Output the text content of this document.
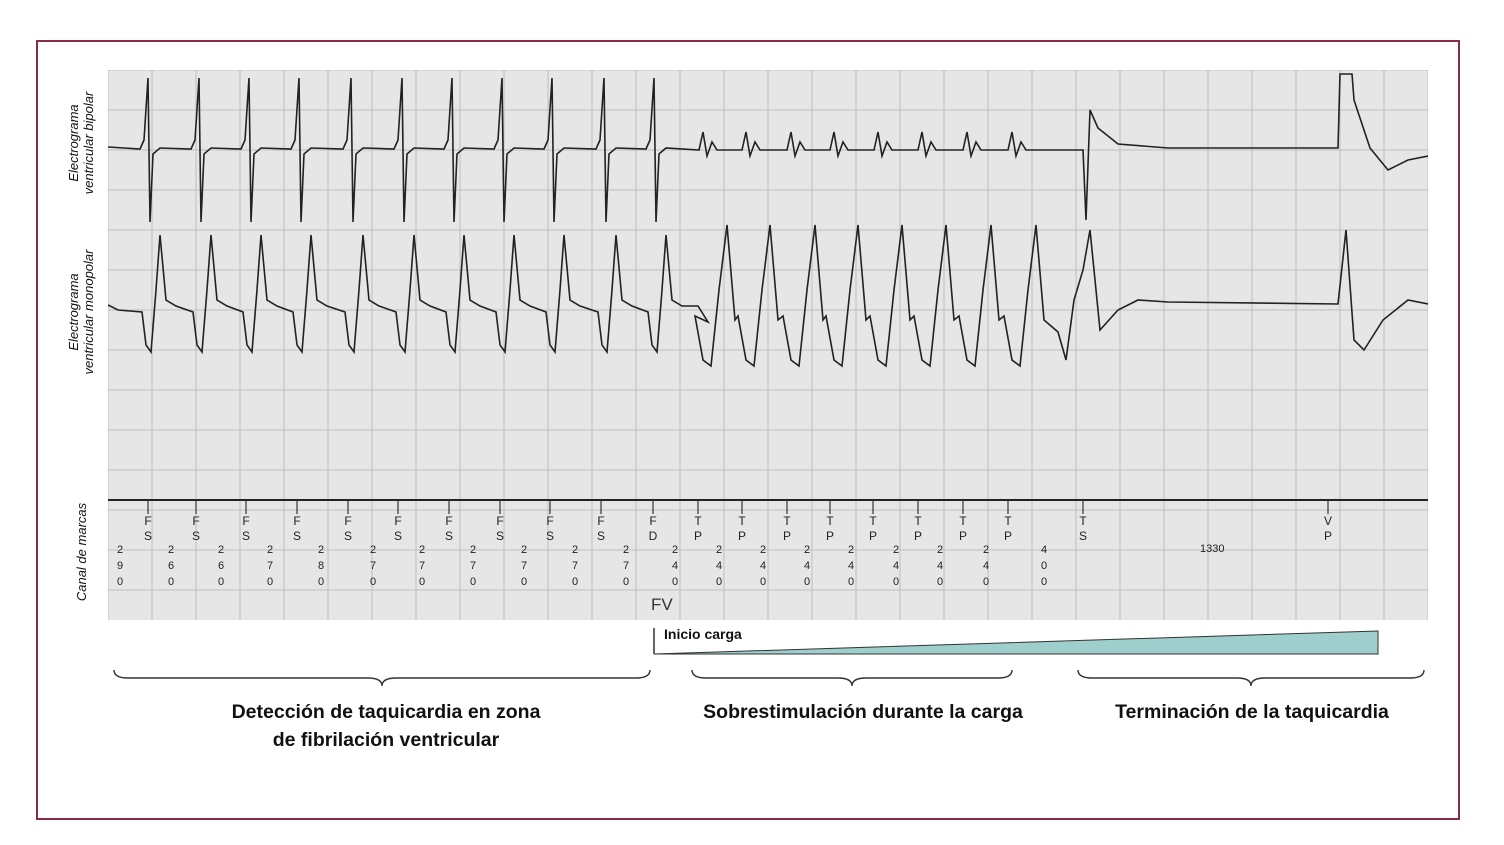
F
S
2 9 0
F
S
2 6 0
F
S
2 6 0
F
S
2 7 0
F
S
2 8 0
F
S
2 7 0
F
S
2 7 0
F
S
2 7 0
F
S
2 7 0
F
S
2 7 0
F
D
2 7 0
T
P
2 4 0
T
P
2 4 0
T
P
2 4 0
T
P
2 4 0
T
P
2 4 0
T
P
2 4 0
T
P
2 4 0
T
P
2 4 0
T
S
4 0 0
V
P
1330
FV
Electrograma ventricular bipolar
Electrograma ventricular monopolar
Canal de marcas
Inicio carga
Detección de taquicardia en zona
de fibrilación ventricular
Sobrestimulación durante la carga	Terminación de la taquicardia
